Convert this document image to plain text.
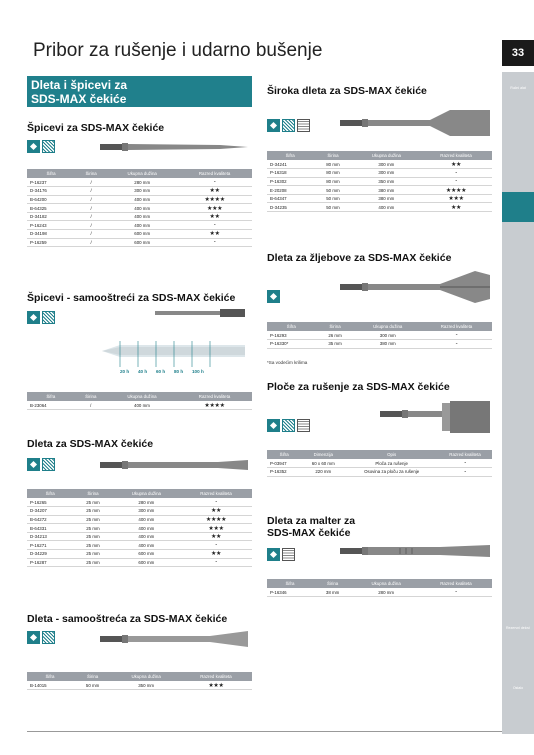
Pribor za rušenje i udarno bušenje	33
Ručni alat
Rezervni delovi
Ostalo
Dleta i špicevi za
SDS-MAX čekiće
Špicevi za SDS-MAX čekiće
Šifra	Širina	Ukupna dužina	Razred kvaliteta
P-16237	/	280 mm	-
D-34176	/	300 mm	★★
B-64200	/	400 mm	★★★★
B-64325	/	400 mm	★★★
D-34182	/	400 mm	★★
P-16243	/	400 mm	-
D-34198	/	600 mm	★★
P-16259	/	600 mm	-
Špicevi - samooštreći za SDS-MAX čekiće
20 h 40 h 60 h 80 h 100 h
Šifra	Širina	Ukupna dužina	Razred kvaliteta
B-23064	/	400 mm	★★★★
Dleta za SDS-MAX čekiće
Šifra	Širina	Ukupna dužina	Razred kvaliteta
P-16265	25 mm	280 mm	-
D-34207	25 mm	300 mm	★★
B-64272	25 mm	400 mm	★★★★
B-64331	25 mm	400 mm	★★★
D-34213	25 mm	400 mm	★★
P-16271	25 mm	400 mm	-
D-34229	25 mm	600 mm	★★
P-16287	25 mm	600 mm	-
Dleta - samooštreća za SDS-MAX čekiće
Šifra	Širina	Ukupna dužina	Razred kvaliteta
B-14015	50 mm	350 mm	★★★
Široka dleta za SDS-MAX čekiće
Šifra	Širina	Ukupna dužina	Razred kvaliteta
D-34241	80 mm	300 mm	★★
P-16318	80 mm	300 mm	-
P-16302	80 mm	350 mm	-
E-20208	50 mm	380 mm	★★★★
B-64347	50 mm	380 mm	★★★
D-34235	50 mm	400 mm	★★
Dleta za žljebove za SDS-MAX čekiće
Šifra	Širina	Ukupna dužina	Razred kvaliteta
P-16293	26 mm	300 mm	-
P-16330*	35 mm	380 mm	-
*Sa vodećim krilima
Ploče za rušenje za SDS-MAX čekiće
Šifra	Dimenzija	Opis	Razred kvaliteta
P-03947	60 x 60 mm	Ploča za rušenje	-
P-16352	220 mm	Osovina za ploču za rušenje	-
Dleta za malter za
SDS-MAX čekiće
Šifra	Širina	Ukupna dužina	Razred kvaliteta
P-16346	38 mm	280 mm	-
